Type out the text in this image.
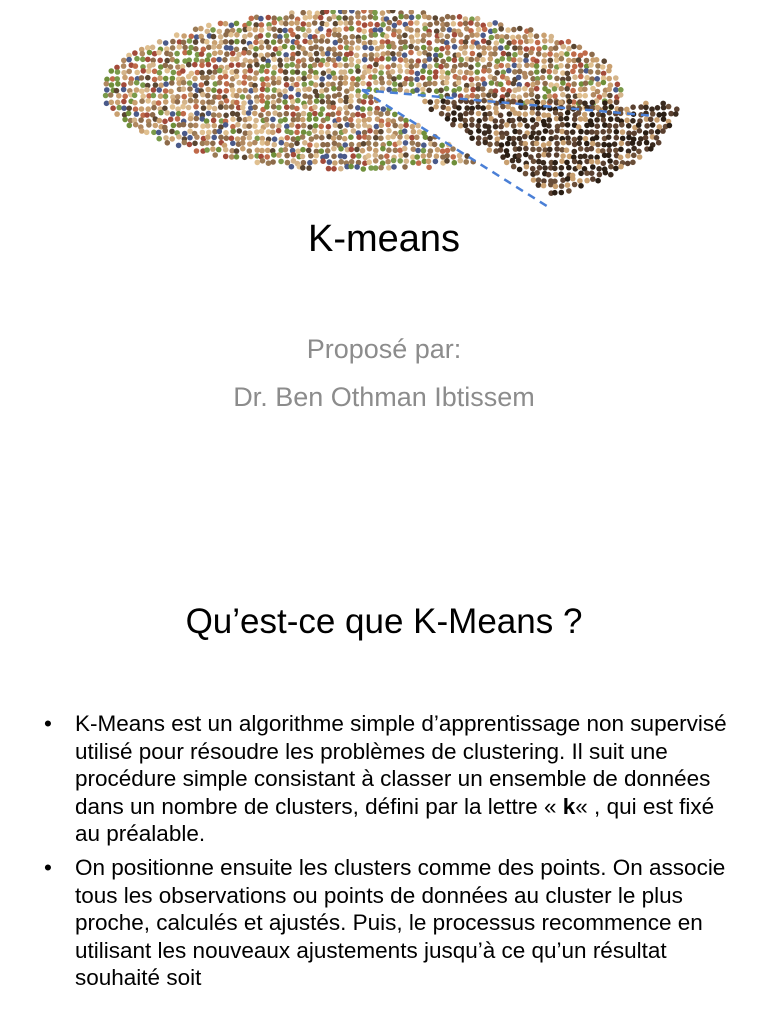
K-means
Proposé par:
Dr. Ben Othman Ibtissem
Qu’est-ce que K-Means ?
• K-Means est un algorithme simple d’apprentissage non supervisé utilisé pour résoudre les problèmes de clustering. Il suit une procédure simple consistant à classer un ensemble de données dans un nombre de clusters, défini par la lettre « k« , qui est fixé au préalable.
• On positionne ensuite les clusters comme des points. On associe tous les observations ou points de données au cluster le plus proche, calculés et ajustés. Puis, le processus recommence en utilisant les nouveaux ajustements jusqu’à ce qu’un résultat souhaité soit
